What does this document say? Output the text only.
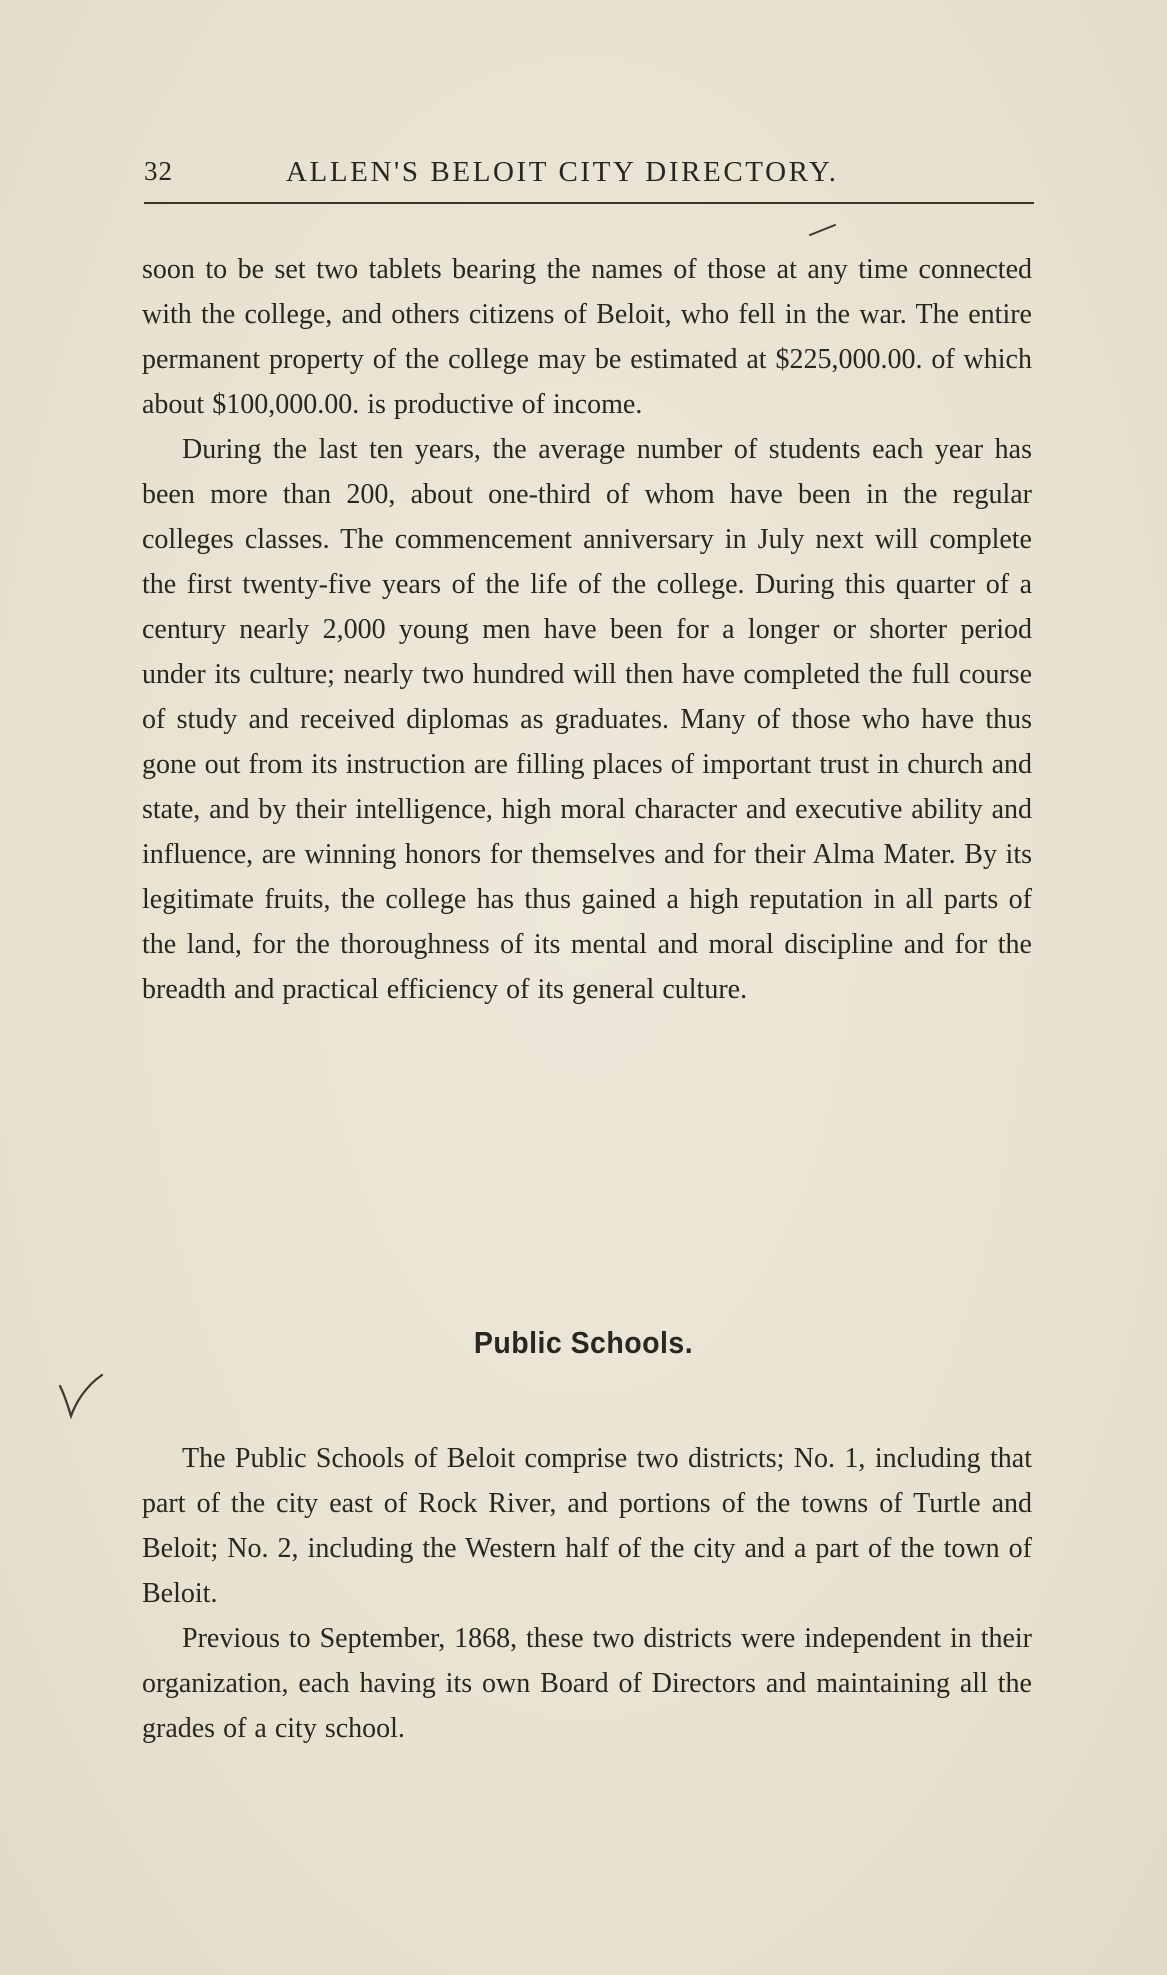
32	ALLEN'S BELOIT CITY DIRECTORY.

soon to be set two tablets bearing the names of those at any time connected with the college, and others citizens of Beloit, who fell in the war. The entire permanent property of the college may be estimated at $225,000.00. of which about $100,000.00. is productive of income.

During the last ten years, the average number of students each year has been more than 200, about one-third of whom have been in the regular colleges classes. The commencement anniversary in July next will complete the first twenty-five years of the life of the college. During this quarter of a century nearly 2,000 young men have been for a longer or shorter period under its culture; nearly two hundred will then have completed the full course of study and received diplomas as graduates. Many of those who have thus gone out from its instruction are filling places of important trust in church and state, and by their intelligence, high moral character and executive ability and influence, are winning honors for themselves and for their Alma Mater. By its legitimate fruits, the college has thus gained a high reputation in all parts of the land, for the thoroughness of its mental and moral discipline and for the breadth and practical efficiency of its general culture.

Public Schools.

The Public Schools of Beloit comprise two districts; No. 1, including that part of the city east of Rock River, and portions of the towns of Turtle and Beloit; No. 2, including the Western half of the city and a part of the town of Beloit.

Previous to September, 1868, these two districts were independent in their organization, each having its own Board of Directors and maintaining all the grades of a city school.
